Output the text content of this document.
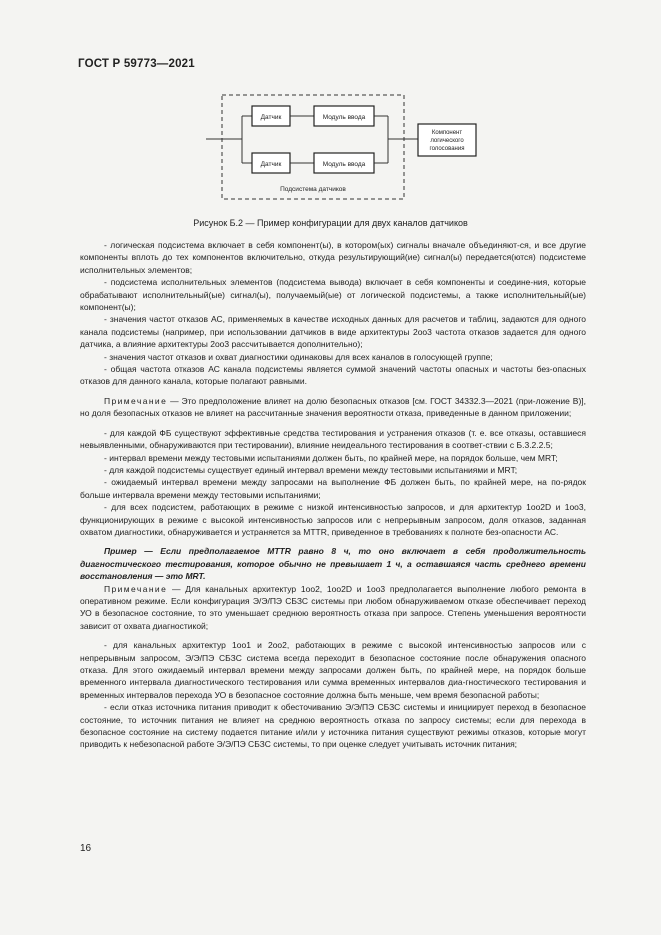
ГОСТ Р 59773—2021
Датчик
Датчик
Модуль ввода
Модуль ввода
Компонент
логического
голосования
Подсистема датчиков
Рисунок Б.2 — Пример конфигурации для двух каналов датчиков

- логическая подсистема включает в себя компонент(ы), в котором(ых) сигналы вначале объединяют-ся, и все другие компоненты вплоть до тех компонентов включительно, откуда результирующий(ие) сигнал(ы) передается(ются) подсистеме исполнительных элементов;

- подсистема исполнительных элементов (подсистема вывода) включает в себя компоненты и соедине-ния, которые обрабатывают исполнительный(ые) сигнал(ы), получаемый(ые) от логической подсистемы, а также исполнительный(ые) компонент(ы);

- значения частот отказов АС, применяемых в качестве исходных данных для расчетов и таблиц, задаются для одного канала подсистемы (например, при использовании датчиков в виде архитектуры 2оо3 частота отказов задается для одного датчика, а влияние архитектуры 2оо3 рассчитывается дополнительно);

- значения частот отказов и охват диагностики одинаковы для всех каналов в голосующей группе;

- общая частота отказов АС канала подсистемы является суммой значений частоты опасных и частоты без-опасных отказов для данного канала, которые полагают равными.

Примечание — Это предположение влияет на долю безопасных отказов [см. ГОСТ 34332.3—2021 (при-ложение В)], но доля безопасных отказов не влияет на рассчитанные значения вероятности отказа, приведенные в данном приложении;

- для каждой ФБ существуют эффективные средства тестирования и устранения отказов (т. е. все отказы, оставшиеся невыявленными, обнаруживаются при тестировании), влияние неидеального тестирования в соответ-ствии с Б.3.2.2.5;

- интервал времени между тестовыми испытаниями должен быть, по крайней мере, на порядок больше, чем MRT;

- для каждой подсистемы существует единый интервал времени между тестовыми испытаниями и MRT;

- ожидаемый интервал времени между запросами на выполнение ФБ должен быть, по крайней мере, на по-рядок больше интервала времени между тестовыми испытаниями;

- для всех подсистем, работающих в режиме с низкой интенсивностью запросов, и для архитектур 1оо2D и 1оо3, функционирующих в режиме с высокой интенсивностью запросов или с непрерывным запросом, доля отказов, заданная охватом диагностики, обнаруживается и устраняется за MTTR, приведенное в требованиях к полноте без-опасности АС.

Пример — Если предполагаемое MTTR равно 8 ч, то оно включает в себя продолжительность диагностического тестирования, которое обычно не превышает 1 ч, а оставшаяся часть среднего времени восстановления — это MRT.

Примечание — Для канальных архитектур 1оо2, 1оо2D и 1оо3 предполагается выполнение любого ремонта в оперативном режиме. Если конфигурация Э/Э/ПЭ СБЗС системы при любом обнаруживаемом отказе обеспечивает переход УО в безопасное состояние, то это уменьшает среднюю вероятность отказа при запросе. Степень уменьшения вероятности зависит от охвата диагностикой;

- для канальных архитектур 1оо1 и 2оо2, работающих в режиме с высокой интенсивностью запросов или с непрерывным запросом, Э/Э/ПЭ СБЗС система всегда переходит в безопасное состояние после обнаружения опасного отказа. Для этого ожидаемый интервал времени между запросами должен быть, по крайней мере, на порядок больше временного интервала диагностического тестирования или сумма временных интервалов диа-гностического тестирования и временных интервалов перехода УО в безопасное состояние должна быть меньше, чем время безопасной работы;

- если отказ источника питания приводит к обесточиванию Э/Э/ПЭ СБЗС системы и инициирует переход в безопасное состояние, то источник питания не влияет на среднюю вероятность отказа по запросу системы; если для перехода в безопасное состояние на систему подается питание и/или у источника питания существуют режимы отказов, которые могут приводить к небезопасной работе Э/Э/ПЭ СБЗС системы, то при оценке следует учитывать источник питания;

16
